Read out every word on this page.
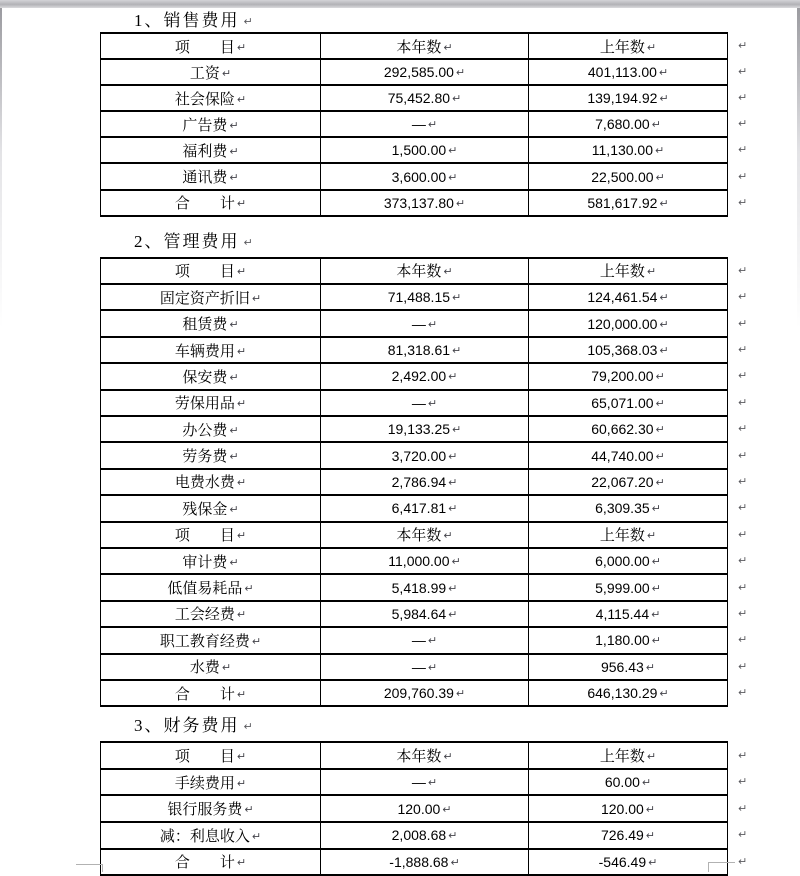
1、销售费用 ↵
项　　目 ↵	本年数 ↵	上年数 ↵	↵
工资 ↵	292,585.00 ↵	401,113.00 ↵	↵
社会保险 ↵	75,452.80 ↵	139,194.92 ↵	↵
广告费 ↵	— ↵	7,680.00 ↵	↵
福利费 ↵	1,500.00 ↵	11,130.00 ↵	↵
通讯费 ↵	3,600.00 ↵	22,500.00 ↵	↵
合　　计 ↵	373,137.80 ↵	581,617.92 ↵	↵
2、管理费用 ↵
项　　目 ↵	本年数 ↵	上年数 ↵	↵
固定资产折旧 ↵	71,488.15 ↵	124,461.54 ↵	↵
租赁费 ↵	— ↵	120,000.00 ↵	↵
车辆费用 ↵	81,318.61 ↵	105,368.03 ↵	↵
保安费 ↵	2,492.00 ↵	79,200.00 ↵	↵
劳保用品 ↵	— ↵	65,071.00 ↵	↵
办公费 ↵	19,133.25 ↵	60,662.30 ↵	↵
劳务费 ↵	3,720.00 ↵	44,740.00 ↵	↵
电费水费 ↵	2,786.94 ↵	22,067.20 ↵	↵
残保金 ↵	6,417.81 ↵	6,309.35 ↵	↵
项　　目 ↵	本年数 ↵	上年数 ↵	↵
审计费 ↵	11,000.00 ↵	6,000.00 ↵	↵
低值易耗品 ↵	5,418.99 ↵	5,999.00 ↵	↵
工会经费 ↵	5,984.64 ↵	4,115.44 ↵	↵
职工教育经费 ↵	— ↵	1,180.00 ↵	↵
水费 ↵	— ↵	956.43 ↵	↵
合　　计 ↵	209,760.39 ↵	646,130.29 ↵	↵
3、财务费用 ↵
项　　目 ↵	本年数 ↵	上年数 ↵	↵
手续费用 ↵	— ↵	60.00 ↵	↵
银行服务费 ↵	120.00 ↵	120.00 ↵	↵
减：利息收入 ↵	2,008.68 ↵	726.49 ↵	↵
合　　计 ↵	-1,888.68 ↵	-546.49 ↵	↵
